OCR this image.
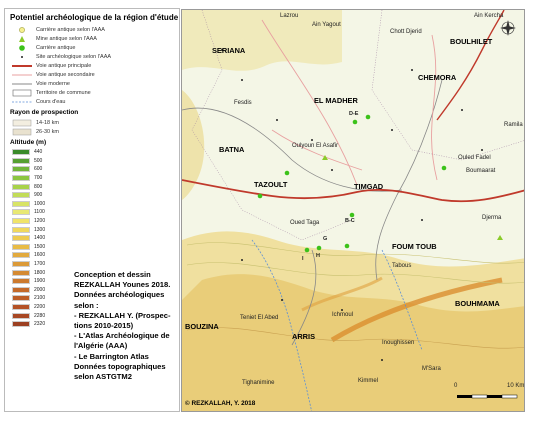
Potentiel archéologique de la région d'étude
Carrière antique selon l'AAA
Mine antique selon l'AAA
Carrière antique
Site archéologique selon l'AAA
Voie antique principale
Voie antique secondaire
Voie moderne
Territoire de commune
Cours d'eau
Rayon de prospection
14-18 km
26-30 km
Altitude (m)
440
500
600
700
800
900
1000
1100
1200
1300
1400
1500
1600
1700
1800
1900
2000
2100
2200
2280
2320
Conception et dessin
REZKALLAH Younes 2018.
Données archéologiques
selon :
- REZKALLAH Y. (Prospec-
tions 2010-2015)
- L'Atlas Archéologique de
l'Algérie (AAA)
- Le Barrington Atlas
Données topographiques
selon ASTGTM2
SERIANA
EL MADHER
BATNA
TAZOULT	TIMGAD
FOUM TOUB
BOUZINA
ARRIS
BOUHMAMA
CHEMORA
BOULHILET
Chott Djerid
Lazrou
Ain Yagout
Fesdis
Oulyoun El Asafir
Oued Taga
Ichmoul
Inoughissen
Tighanimine	Kimmel
M'Sara
Tabous
Ouled Fadel
Boumaarat
Ramila
Djerma
Teniet El Abed
Ain Kercha
D-E
B-C
G
H
I
0	10 Km
© REZKALLAH, Y. 2018
